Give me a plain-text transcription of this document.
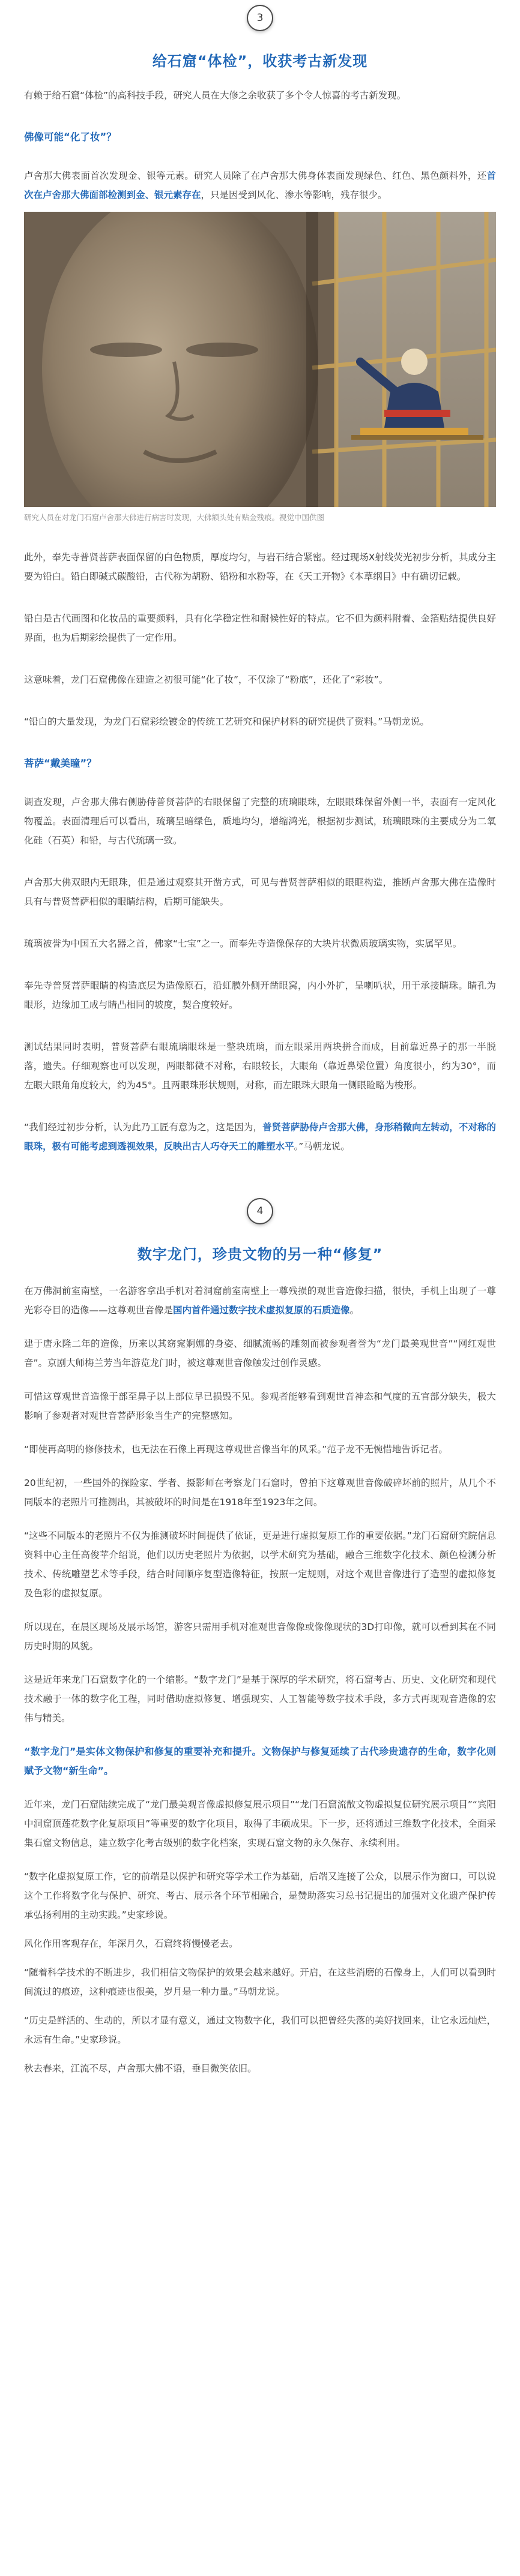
3
给石窟“体检”，收获考古新发现

有赖于给石窟“体检”的高科技手段，研究人员在大修之余收获了多个令人惊喜的考古新发现。

佛像可能“化了妆”？

卢舍那大佛表面首次发现金、银等元素。研究人员除了在卢舍那大佛身体表面发现绿色、红色、黑色颜料外，还首次在卢舍那大佛面部检测到金、银元素存在，只是因受到风化、渗水等影响，残存很少。

研究人员在对龙门石窟卢舍那大佛进行病害时发现，大佛额头处有贴金残痕。视觉中国供图

此外，奉先寺普贤菩萨表面保留的白色物质，厚度均匀，与岩石结合紧密。经过现场X射线荧光初步分析，其成分主要为铅白。铅白即碱式碳酸铅，古代称为胡粉、铅粉和水粉等，在《天工开物》《本草纲目》中有确切记载。

铅白是古代画图和化妆品的重要颜料，具有化学稳定性和耐候性好的特点。它不但为颜料附着、金箔贴结提供良好界面，也为后期彩绘提供了一定作用。

这意味着，龙门石窟佛像在建造之初很可能“化了妆”，不仅涂了“粉底”，还化了“彩妆”。

“铅白的大量发现，为龙门石窟彩绘镀金的传统工艺研究和保护材料的研究提供了资料。”马朝龙说。

菩萨“戴美瞳”？

调查发现，卢舍那大佛右侧胁侍普贤菩萨的右眼保留了完整的琉璃眼珠，左眼眼珠保留外侧一半，表面有一定风化物覆盖。表面清理后可以看出，琉璃呈暗绿色，质地均匀，增缩鸿光，根据初步测试，琉璃眼珠的主要成分为二氧化硅（石英）和铅，与古代琉璃一致。

卢舍那大佛双眼内无眼珠，但是通过观察其开凿方式，可见与普贤菩萨相似的眼眶构造，推断卢舍那大佛在造像时具有与普贤菩萨相似的眼睛结构，后期可能缺失。

琉璃被誉为中国五大名器之首，佛家“七宝”之一。而奉先寺造像保存的大块片状微质玻璃实物，实属罕见。

奉先寺普贤菩萨眼睛的构造底层为造像原石，沿虹膜外侧开凿眼窝，内小外扩，呈喇叭状，用于承接睛珠。睛孔为眼形，边缘加工成与睛凸相同的坡度，契合度较好。

测试结果同时表明，普贤菩萨右眼琉璃眼珠是一整块琉璃，而左眼采用两块拼合而成，目前靠近鼻子的那一半脱落，遗失。仔细观察也可以发现，两眼都微不对称，右眼较长，大眼角（靠近鼻梁位置）角度很小，约为30°，而左眼大眼角角度较大，约为45°。且两眼珠形状规则，对称，而左眼珠大眼角一侧眼睑略为梭形。

“我们经过初步分析，认为此乃工匠有意为之，这是因为，普贤菩萨胁侍卢舍那大佛，身形稍微向左转动，不对称的眼珠，极有可能考虑到透视效果，反映出古人巧夺天工的雕塑水平。”马朝龙说。

4
数字龙门，珍贵文物的另一种“修复”

在万佛洞前室南壁，一名游客拿出手机对着洞窟前室南壁上一尊残损的观世音造像扫描，很快，手机上出现了一尊光彩夺目的造像——这尊观世音像是国内首件通过数字技术虚拟复原的石质造像。

建于唐永隆二年的造像，历来以其窈窕婀娜的身姿、细腻流畅的雕刻而被参观者誉为“龙门最美观世音”“网红观世音”。京剧大师梅兰芳当年游览龙门时，被这尊观世音像触发过创作灵感。

可惜这尊观世音造像于部至鼻子以上部位早已损毁不见。参观者能够看到观世音神态和气度的五官部分缺失，极大影响了参观者对观世音菩萨形象当生产的完整感知。

“即使再高明的修修技术，也无法在石像上再现这尊观世音像当年的风采。”范子龙不无惋惜地告诉记者。

20世纪初，一些国外的探险家、学者、摄影师在考察龙门石窟时，曾拍下这尊观世音像破碎坏前的照片，从几个不同版本的老照片可推测出，其被破坏的时间是在1918年至1923年之间。

“这些不同版本的老照片不仅为推测破坏时间提供了依证，更是进行虚拟复原工作的重要依据。”龙门石窟研究院信息资料中心主任高俊苹介绍说，他们以历史老照片为依据，以学术研究为基础，融合三维数字化技术、颜色检测分析技术、传统雕塑艺术等手段，结合时间顺序复型造像特征，按照一定规则，对这个观世音像进行了造型的虚拟修复及色彩的虚拟复原。

所以现在，在晨区现场及展示场馆，游客只需用手机对准观世音像像或像像现状的3D打印像，就可以看到其在不同历史时期的风貌。

这是近年来龙门石窟数字化的一个缩影。“数字龙门”是基于深厚的学术研究，将石窟考古、历史、文化研究和现代技术融于一体的数字化工程，同时借助虚拟修复、增强现实、人工智能等数字技术手段，多方式再现观音造像的宏伟与精美。

“数字龙门”是实体文物保护和修复的重要补充和提升。文物保护与修复延续了古代珍贵遗存的生命，数字化则赋予文物“新生命”。

近年来，龙门石窟陆续完成了“龙门最美观音像虚拟修复展示项目”“龙门石窟流散文物虚拟复位研究展示项目”“宾阳中洞窟顶莲花数字化复原项目”等重要的数字化项目，取得了丰硕成果。下一步，还将通过三维数字化技术，全面采集石窟文物信息，建立数字化考古级别的数字化档案，实现石窟文物的永久保存、永续利用。

“数字化虚拟复原工作，它的前端是以保护和研究等学术工作为基础，后端又连接了公众，以展示作为窗口，可以说这个工作将数字化与保护、研究、考古、展示各个环节相融合，是赞助落实习总书记提出的加强对文化遗产保护传承弘扬利用的主动实践。”史家珍说。

风化作用客观存在，年深月久，石窟终将慢慢老去。

“随着科学技术的不断进步，我们相信文物保护的效果会越来越好。开启，在这些消磨的石像身上，人们可以看到时间流过的痕迹，这种痕迹也很美，岁月是一种力量。”马朝龙说。

“历史是鲜活的、生动的，所以才显有意义，通过文物数字化，我们可以把曾经失落的美好找回来，让它永远灿烂，永远有生命。”史家珍说。

秋去春来，江流不尽，卢舍那大佛不语，垂目微笑依旧。
